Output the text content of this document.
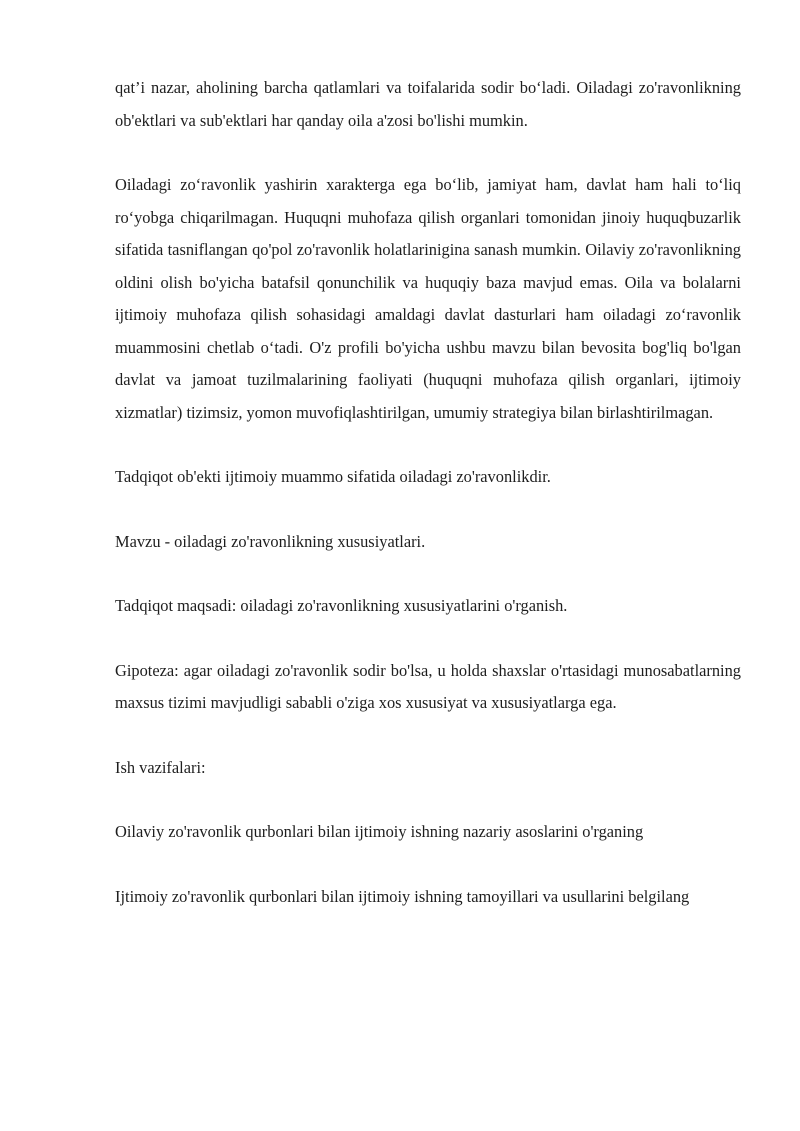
qat’i nazar, aholining barcha qatlamlari va toifalarida sodir bo‘ladi. Oiladagi zo'ravonlikning ob'ektlari va sub'ektlari har qanday oila a'zosi bo'lishi mumkin.

Oiladagi zo‘ravonlik yashirin xarakterga ega bo‘lib, jamiyat ham, davlat ham hali to‘liq ro‘yobga chiqarilmagan. Huquqni muhofaza qilish organlari tomonidan jinoiy huquqbuzarlik sifatida tasniflangan qo'pol zo'ravonlik holatlarinigina sanash mumkin. Oilaviy zo'ravonlikning oldini olish bo'yicha batafsil qonunchilik va huquqiy baza mavjud emas. Oila va bolalarni ijtimoiy muhofaza qilish sohasidagi amaldagi davlat dasturlari ham oiladagi zo‘ravonlik muammosini chetlab o‘tadi. O'z profili bo'yicha ushbu mavzu bilan bevosita bog'liq bo'lgan davlat va jamoat tuzilmalarining faoliyati (huquqni muhofaza qilish organlari, ijtimoiy xizmatlar) tizimsiz, yomon muvofiqlashtirilgan, umumiy strategiya bilan birlashtirilmagan.

Tadqiqot ob'ekti ijtimoiy muammo sifatida oiladagi zo'ravonlikdir.

Mavzu - oiladagi zo'ravonlikning xususiyatlari.

Tadqiqot maqsadi: oiladagi zo'ravonlikning xususiyatlarini o'rganish.

Gipoteza: agar oiladagi zo'ravonlik sodir bo'lsa, u holda shaxslar o'rtasidagi munosabatlarning maxsus tizimi mavjudligi sababli o'ziga xos xususiyat va xususiyatlarga ega.

Ish vazifalari:

Oilaviy zo'ravonlik qurbonlari bilan ijtimoiy ishning nazariy asoslarini o'rganing

Ijtimoiy zo'ravonlik qurbonlari bilan ijtimoiy ishning tamoyillari va usullarini belgilang
